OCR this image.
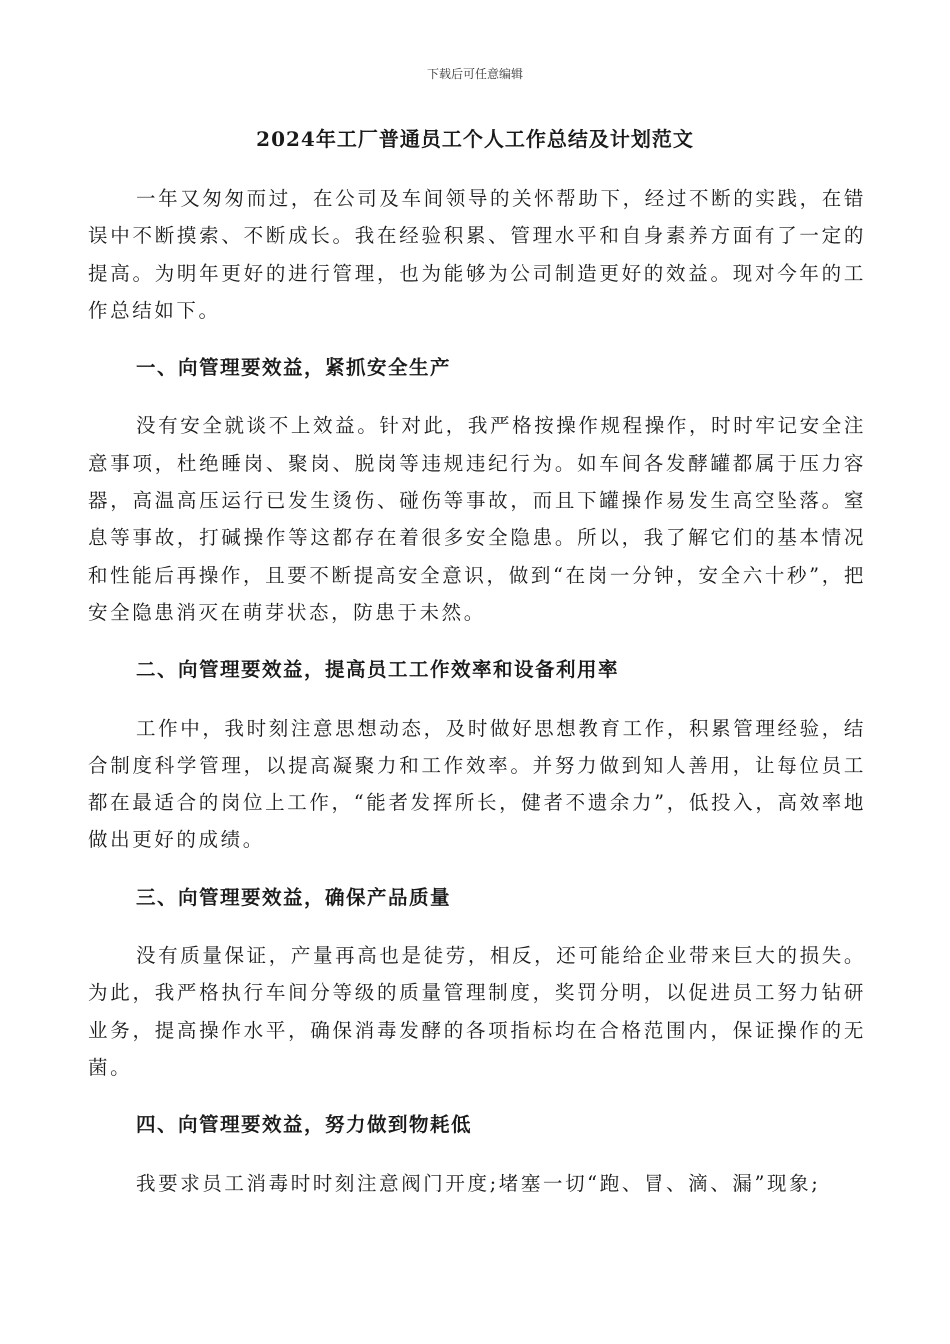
下载后可任意编辑
2024年工厂普通员工个人工作总结及计划范文

一年又匆匆而过，在公司及车间领导的关怀帮助下，经过不断的实践，在错误中不断摸索、不断成长。我在经验积累、管理水平和自身素养方面有了一定的提高。为明年更好的进行管理，也为能够为公司制造更好的效益。现对今年的工作总结如下。

一、向管理要效益，紧抓安全生产

没有安全就谈不上效益。针对此，我严格按操作规程操作，时时牢记安全注意事项，杜绝睡岗、聚岗、脱岗等违规违纪行为。如车间各发酵罐都属于压力容器，高温高压运行已发生烫伤、碰伤等事故，而且下罐操作易发生高空坠落。窒息等事故，打碱操作等这都存在着很多安全隐患。所以，我了解它们的基本情况和性能后再操作，且要不断提高安全意识，做到“在岗一分钟，安全六十秒”，把安全隐患消灭在萌芽状态，防患于未然。

二、向管理要效益，提高员工工作效率和设备利用率

工作中，我时刻注意思想动态，及时做好思想教育工作，积累管理经验，结合制度科学管理，以提高凝聚力和工作效率。并努力做到知人善用，让每位员工都在最适合的岗位上工作，“能者发挥所长，健者不遗余力”，低投入，高效率地做出更好的成绩。

三、向管理要效益，确保产品质量

没有质量保证，产量再高也是徒劳，相反，还可能给企业带来巨大的损失。为此，我严格执行车间分等级的质量管理制度，奖罚分明，以促进员工努力钻研业务，提高操作水平，确保消毒发酵的各项指标均在合格范围内，保证操作的无菌。

四、向管理要效益，努力做到物耗低

我要求员工消毒时时刻注意阀门开度;堵塞一切“跑、冒、滴、漏”现象;
